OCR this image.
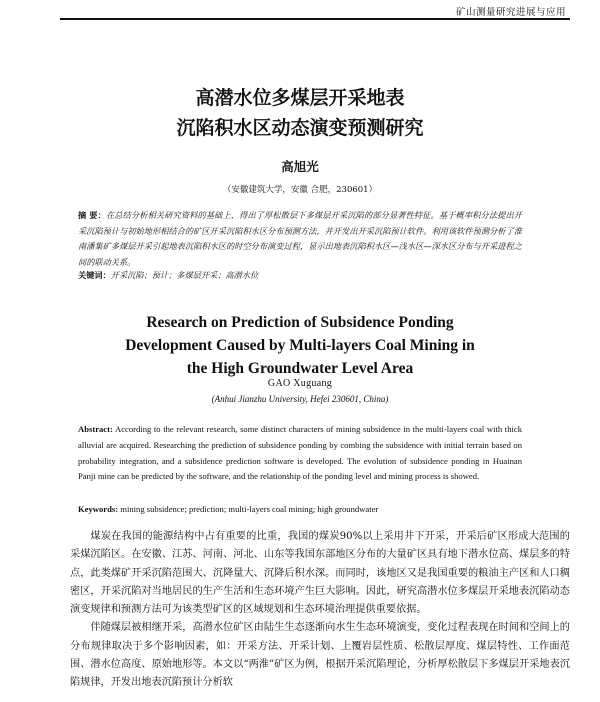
矿山测量研究进展与应用
高潜水位多煤层开采地表
沉陷积水区动态演变预测研究
高旭光
（安徽建筑大学，安徽 合肥，230601）
摘 要：在总结分析相关研究资料的基础上，得出了厚松散层下多煤层开采沉陷的部分显著性特征。基于概率积分法提出开采沉陷预计与初始地形相结合的矿区开采沉陷积水区分布预测方法，并开发出开采沉陷预计软件。利用该软件预测分析了淮南潘集矿多煤层开采引起地表沉陷积水区的时空分布演变过程，显示出地表沉陷积水区—浅水区—深水区分布与开采进程之间的联动关系。
关键词：开采沉陷；预计；多煤层开采；高潜水位
Research on Prediction of Subsidence Ponding
Development Caused by Multi-layers Coal Mining in
the High Groundwater Level Area
GAO Xuguang
(Anhui Jianzhu University, Hefei 230601, China)
Abstract: According to the relevant research, some distinct characters of mining subsidence in the multi-layers coal with thick alluvial are acquired. Researching the prediction of subsidence ponding by combing the subsidence with initial terrain based on probability integration, and a subsidence prediction software is developed. The evolution of subsidence ponding in Huainan Panji mine can be predicted by the software, and the relationship of the ponding level and mining process is showed.
Keywords: mining subsidence; prediction; multi-layers coal mining; high groundwater

煤炭在我国的能源结构中占有重要的比重，我国的煤炭90%以上采用井下开采，开采后矿区形成大范围的采煤沉陷区。在安徽、江苏、河南、河北、山东等我国东部地区分布的大量矿区具有地下潜水位高、煤层多的特点，此类煤矿开采沉陷范围大、沉降量大、沉降后积水深。而同时，该地区又是我国重要的粮油主产区和人口稠密区，开采沉陷对当地居民的生产生活和生态环境产生巨大影响。因此，研究高潜水位多煤层开采地表沉陷动态演变规律和预测方法可为该类型矿区的区域规划和生态环境治理提供重要依据。

伴随煤层被相继开采，高潜水位矿区由陆生生态逐渐向水生生态环境演变，变化过程表现在时间和空间上的分布规律取决于多个影响因素，如：开采方法、开采计划、上覆岩层性质、松散层厚度、煤层特性、工作面范围、潜水位高度、原始地形等。本文以“两淮”矿区为例，根据开采沉陷理论，分析厚松散层下多煤层开采地表沉陷规律，开发出地表沉陷预计分析软
